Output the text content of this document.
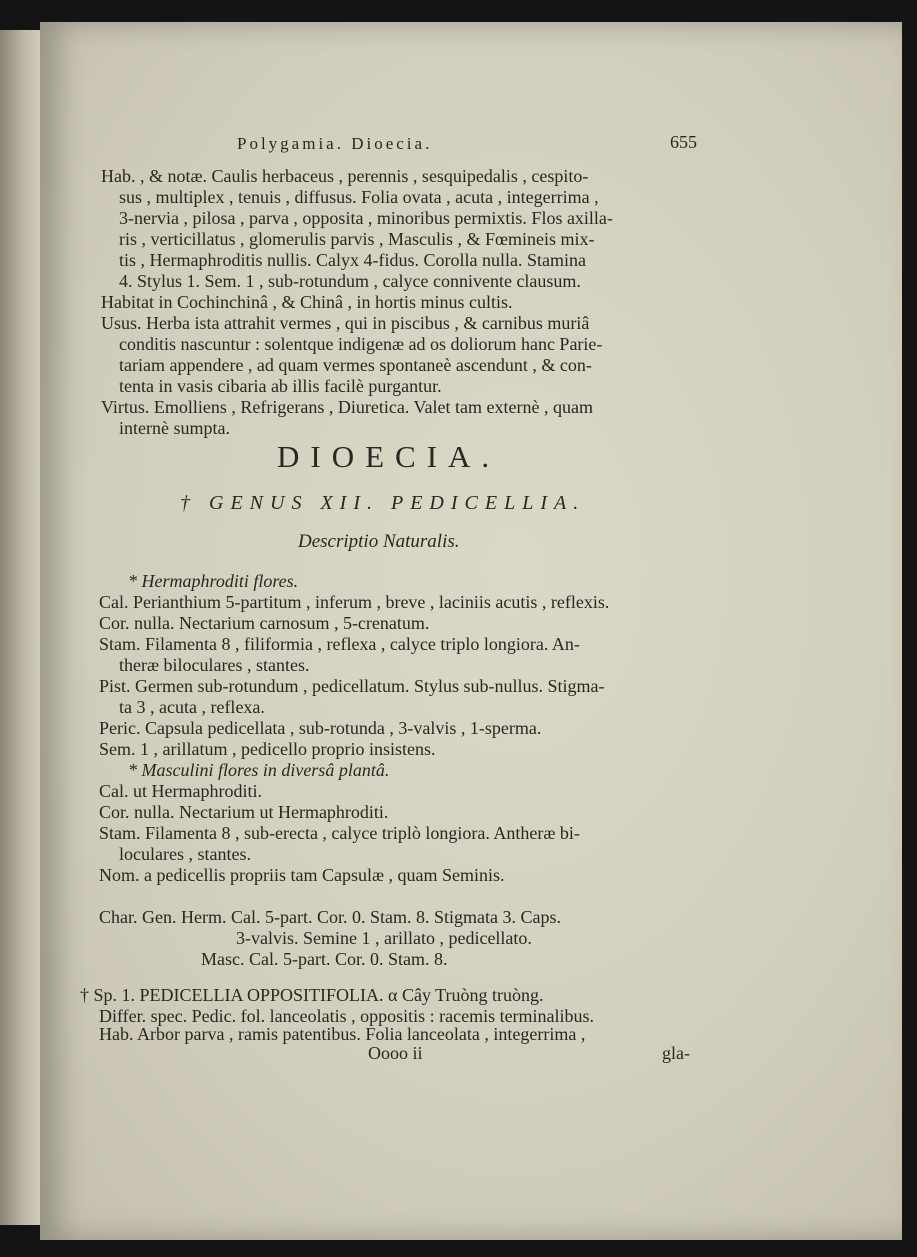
Polygamia. Dioecia.	655
Hab. , & notæ. Caulis herbaceus , perennis , sesquipedalis , cespito-
sus , multiplex , tenuis , diffusus. Folia ovata , acuta , integerrima ,
3-nervia , pilosa , parva , opposita , minoribus permixtis. Flos axilla-
ris , verticillatus , glomerulis parvis , Masculis , & Fœmineis mix-
tis , Hermaphroditis nullis. Calyx 4-fidus. Corolla nulla. Stamina
4. Stylus 1. Sem. 1 , sub-rotundum , calyce connivente clausum.
Habitat in Cochinchinâ , & Chinâ , in hortis minus cultis.
Usus. Herba ista attrahit vermes , qui in piscibus , & carnibus muriâ
conditis nascuntur : solentque indigenæ ad os doliorum hanc Parie-
tariam appendere , ad quam vermes spontaneè ascendunt , & con-
tenta in vasis cibaria ab illis facilè purgantur.
Virtus. Emolliens , Refrigerans , Diuretica. Valet tam externè , quam
internè sumpta.
DIOECIA.
† GENUS XII. PEDICELLIA.
Descriptio Naturalis.
* Hermaphroditi flores.
Cal. Perianthium 5-partitum , inferum , breve , laciniis acutis , reflexis.
Cor. nulla. Nectarium carnosum , 5-crenatum.
Stam. Filamenta 8 , filiformia , reflexa , calyce triplo longiora. An-
theræ biloculares , stantes.
Pist. Germen sub-rotundum , pedicellatum. Stylus sub-nullus. Stigma-
ta 3 , acuta , reflexa.
Peric. Capsula pedicellata , sub-rotunda , 3-valvis , 1-sperma.
Sem. 1 , arillatum , pedicello proprio insistens.
* Masculini flores in diversâ plantâ.
Cal. ut Hermaphroditi.
Cor. nulla. Nectarium ut Hermaphroditi.
Stam. Filamenta 8 , sub-erecta , calyce triplò longiora. Antheræ bi-
loculares , stantes.
Nom. a pedicellis propriis tam Capsulæ , quam Seminis.
Char. Gen. Herm. Cal. 5-part. Cor. 0. Stam. 8. Stigmata 3. Caps.
3-valvis. Semine 1 , arillato , pedicellato.
Masc. Cal. 5-part. Cor. 0. Stam. 8.
† Sp. 1. PEDICELLIA OPPOSITIFOLIA. α Cây Truòng truòng.
Differ. spec. Pedic. fol. lanceolatis , oppositis : racemis terminalibus.
Hab. Arbor parva , ramis patentibus. Folia lanceolata , integerrima ,
Oooo ii	gla-
